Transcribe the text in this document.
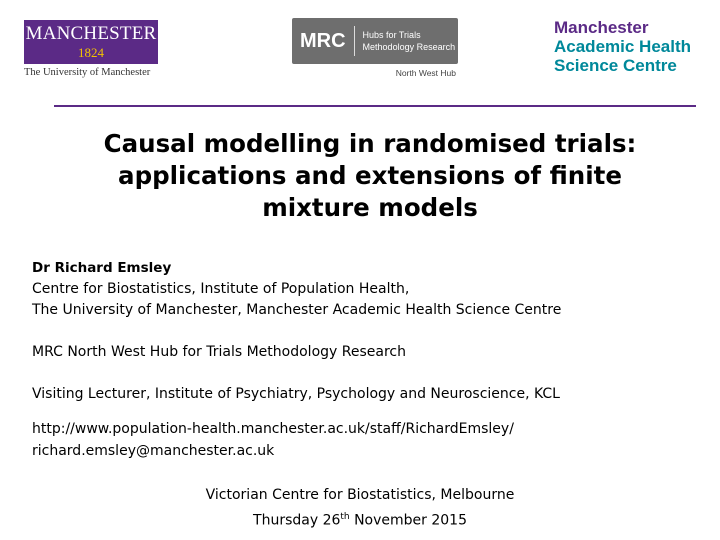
MANCHESTER
1824
The University of Manchester
MRC	Hubs for Trials
Methodology Research
North West Hub
Manchester
Academic Health
Science Centre
Causal modelling in randomised trials:
applications and extensions of finite
mixture models
Dr Richard Emsley
Centre for Biostatistics, Institute of Population Health,
The University of Manchester, Manchester Academic Health Science Centre
MRC North West Hub for Trials Methodology Research
Visiting Lecturer, Institute of Psychiatry, Psychology and Neuroscience, KCL
http://www.population-health.manchester.ac.uk/staff/RichardEmsley/
richard.emsley@manchester.ac.uk
Victorian Centre for Biostatistics, Melbourne
Thursday 26th November 2015
